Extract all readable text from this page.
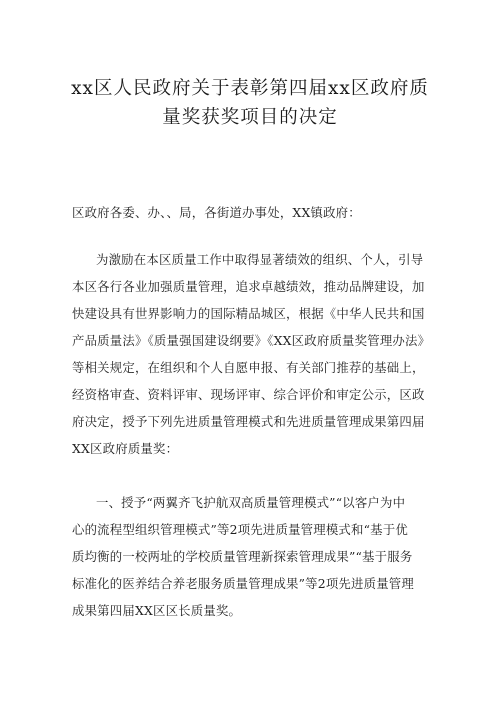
xx区人民政府关于表彰第四届xx区政府质
量奖获奖项目的决定
区政府各委、办、、局，各街道办事处，XX镇政府：
为激励在本区质量工作中取得显著绩效的组织、个人，引导
本区各行各业加强质量管理，追求卓越绩效，推动品牌建设，加
快建设具有世界影响力的国际精品城区，根据《中华人民共和国
产品质量法》《质量强国建设纲要》《XX区政府质量奖管理办法》
等相关规定，在组织和个人自愿申报、有关部门推荐的基础上，
经资格审查、资料评审、现场评审、综合评价和审定公示，区政
府决定，授予下列先进质量管理模式和先进质量管理成果第四届
XX区政府质量奖：
一、授予“两翼齐飞护航双高质量管理模式”“以客户为中
心的流程型组织管理模式”等2项先进质量管理模式和“基于优
质均衡的一校两址的学校质量管理新探索管理成果”“基于服务
标准化的医养结合养老服务质量管理成果”等2项先进质量管理
成果第四届XX区区长质量奖。
